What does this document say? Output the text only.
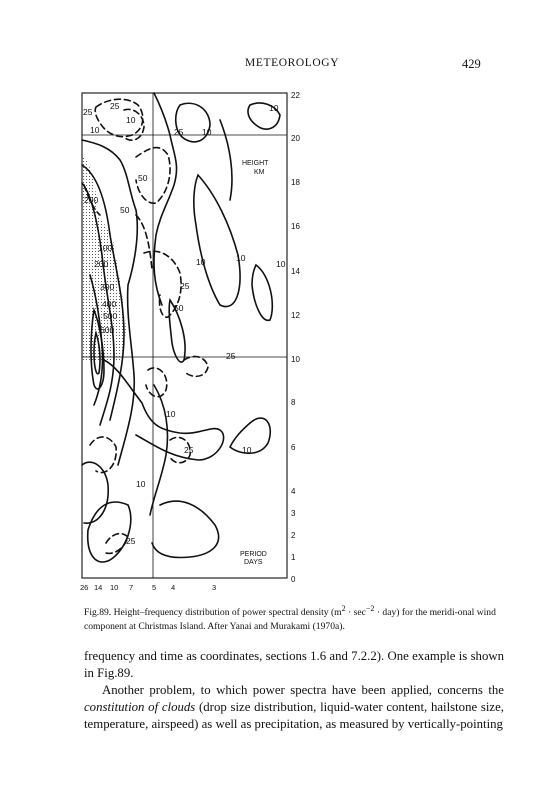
METEOROLOGY	429
25
25
10
10	25 10
10
50
50
200
100
200
300
400
500
600
10	10
10
25
50
25
10
25	10
10
25
22
20
18
16
14
12
10
8
6
4
3
2
1
0
HEIGHT
KM
PERIOD
DAYS
26 14 10 7	5 4	3
Fig.89. Height–frequency distribution of power spectral density $(m^2 \cdot \sec^{-2} \cdot day)$ for the meridi-onal wind component at Christmas Island. After Yanai and Murakami (1970a).

frequency and time as coordinates, sections 1.6 and 7.2.2). One example is shown in Fig.89.

Another problem, to which power spectra have been applied, concerns the constitution of clouds (drop size distribution, liquid-water content, hailstone size, temperature, airspeed) as well as precipitation, as measured by vertically-pointing
